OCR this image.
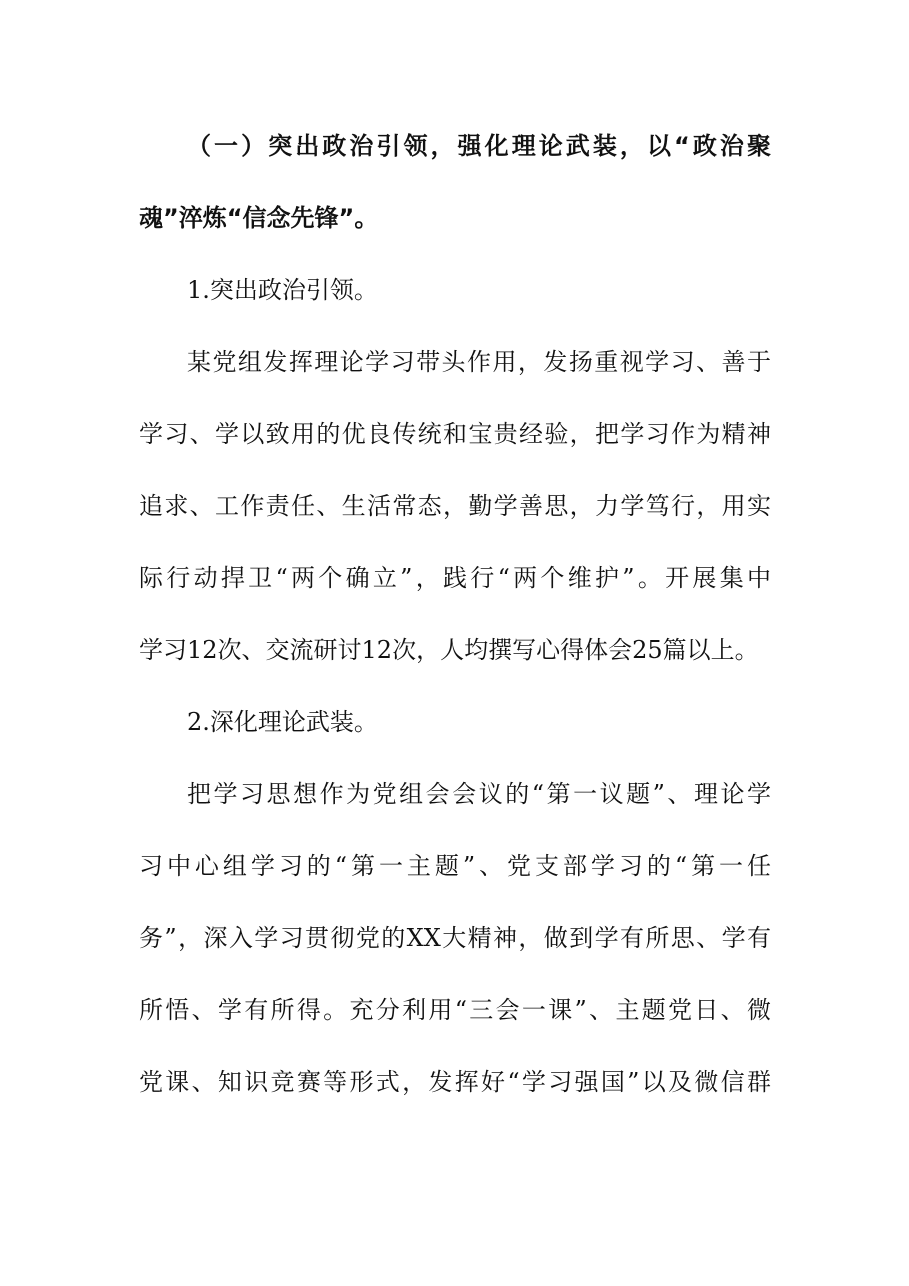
（一）突出政治引领，强化理论武装，以“政治聚
魂”淬炼“信念先锋”。
1.突出政治引领。
某党组发挥理论学习带头作用，发扬重视学习、善于
学习、学以致用的优良传统和宝贵经验，把学习作为精神
追求、工作责任、生活常态，勤学善思，力学笃行，用实
际行动捍卫“两个确立”，践行“两个维护”。开展集中
学习12次、交流研讨12次，人均撰写心得体会25篇以上。
2.深化理论武装。
把学习思想作为党组会会议的“第一议题”、理论学
习中心组学习的“第一主题”、党支部学习的“第一任
务”，深入学习贯彻党的XX大精神，做到学有所思、学有
所悟、学有所得。充分利用“三会一课”、主题党日、微
党课、知识竞赛等形式，发挥好“学习强国”以及微信群
